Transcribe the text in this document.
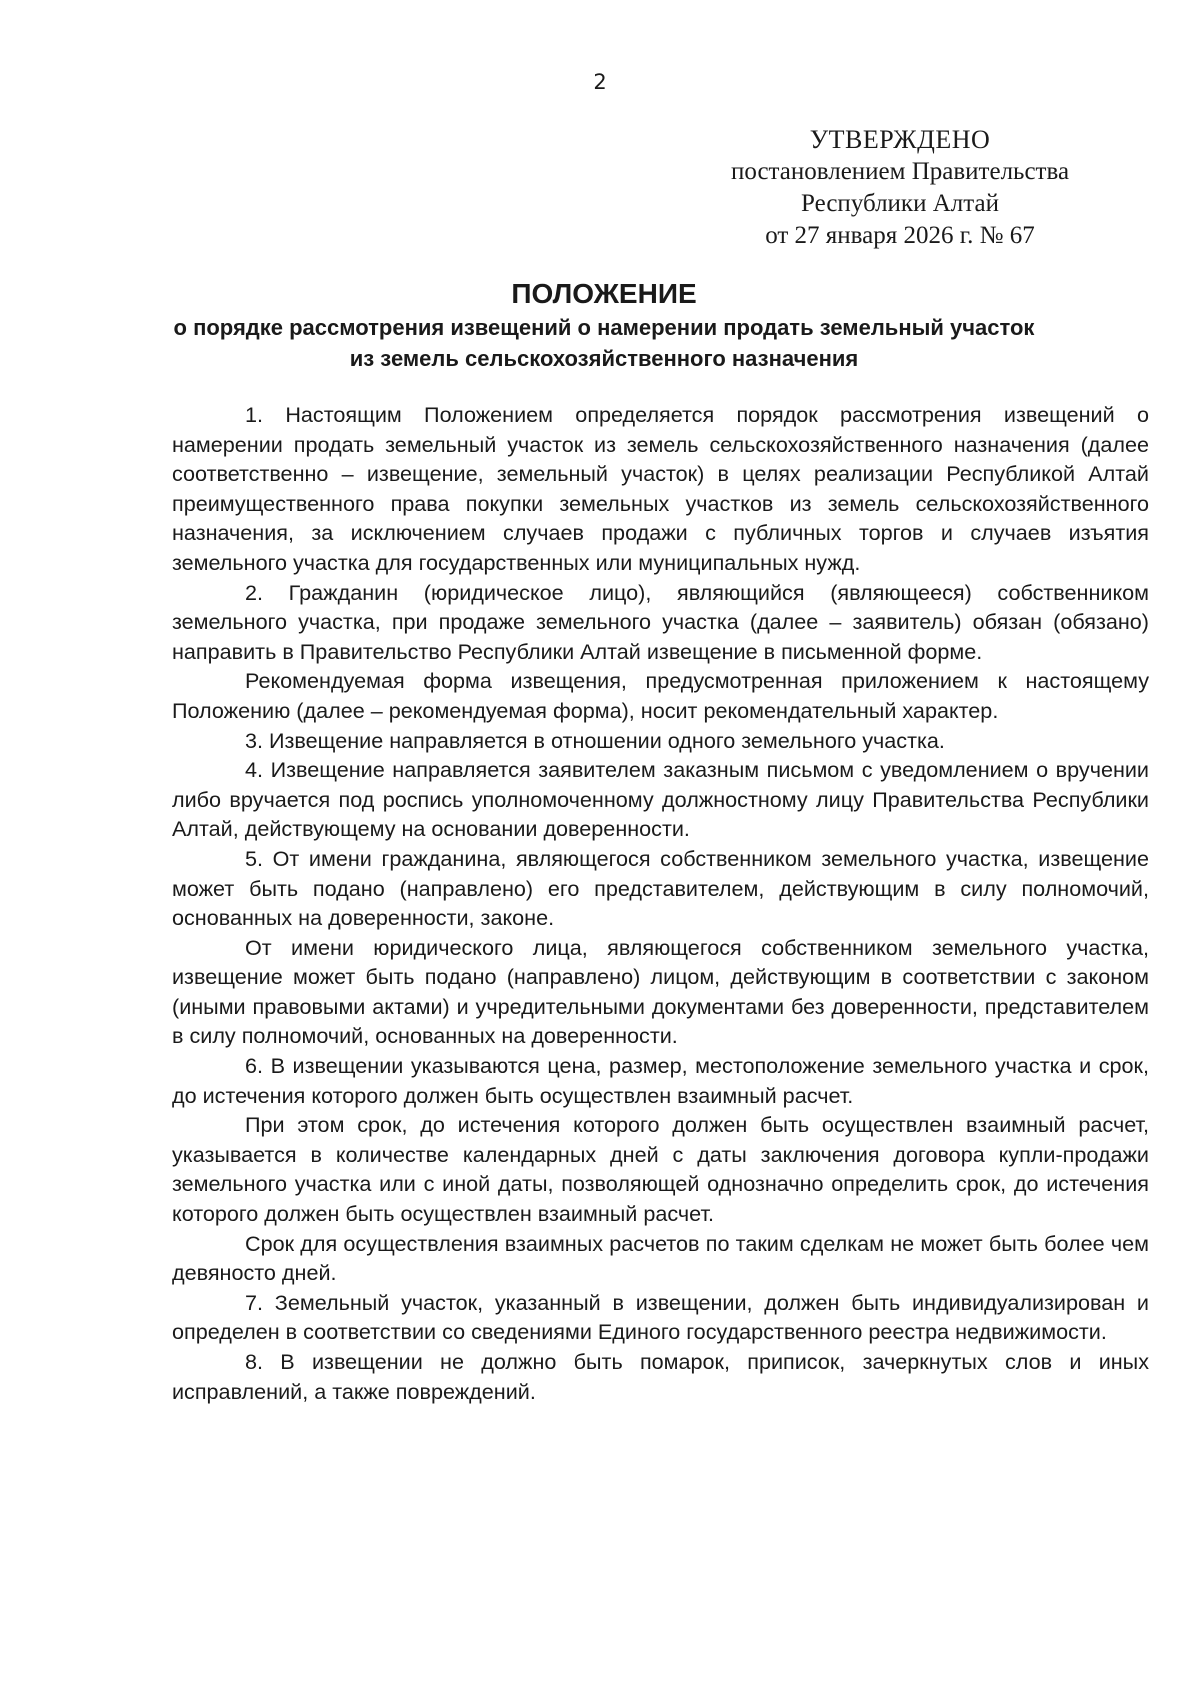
2
УТВЕРЖДЕНО
постановлением Правительства
Республики Алтай
от 27 января 2026 г. № 67
ПОЛОЖЕНИЕ
о порядке рассмотрения извещений о намерении продать земельный участок
из земель сельскохозяйственного назначения

1. Настоящим Положением определяется порядок рассмотрения извещений о намерении продать земельный участок из земель сельскохозяйственного назначения (далее соответственно – извещение, земельный участок) в целях реализации Республикой Алтай преимущественного права покупки земельных участков из земель сельскохозяйственного назначения, за исключением случаев продажи с публичных торгов и случаев изъятия земельного участка для государственных или муниципальных нужд.

2. Гражданин (юридическое лицо), являющийся (являющееся) собственником земельного участка, при продаже земельного участка (далее – заявитель) обязан (обязано) направить в Правительство Республики Алтай извещение в письменной форме.

Рекомендуемая форма извещения, предусмотренная приложением к настоящему Положению (далее – рекомендуемая форма), носит рекомендательный характер.

3. Извещение направляется в отношении одного земельного участка.

4. Извещение направляется заявителем заказным письмом с уведомлением о вручении либо вручается под роспись уполномоченному должностному лицу Правительства Республики Алтай, действующему на основании доверенности.

5. От имени гражданина, являющегося собственником земельного участка, извещение может быть подано (направлено) его представителем, действующим в силу полномочий, основанных на доверенности, законе.

От имени юридического лица, являющегося собственником земельного участка, извещение может быть подано (направлено) лицом, действующим в соответствии с законом (иными правовыми актами) и учредительными документами без доверенности, представителем в силу полномочий, основанных на доверенности.

6. В извещении указываются цена, размер, местоположение земельного участка и срок, до истечения которого должен быть осуществлен взаимный расчет.

При этом срок, до истечения которого должен быть осуществлен взаимный расчет, указывается в количестве календарных дней с даты заключения договора купли-продажи земельного участка или с иной даты, позволяющей однозначно определить срок, до истечения которого должен быть осуществлен взаимный расчет.

Срок для осуществления взаимных расчетов по таким сделкам не может быть более чем девяносто дней.

7. Земельный участок, указанный в извещении, должен быть индивидуализирован и определен в соответствии со сведениями Единого государственного реестра недвижимости.

8. В извещении не должно быть помарок, приписок, зачеркнутых слов и иных исправлений, а также повреждений.
